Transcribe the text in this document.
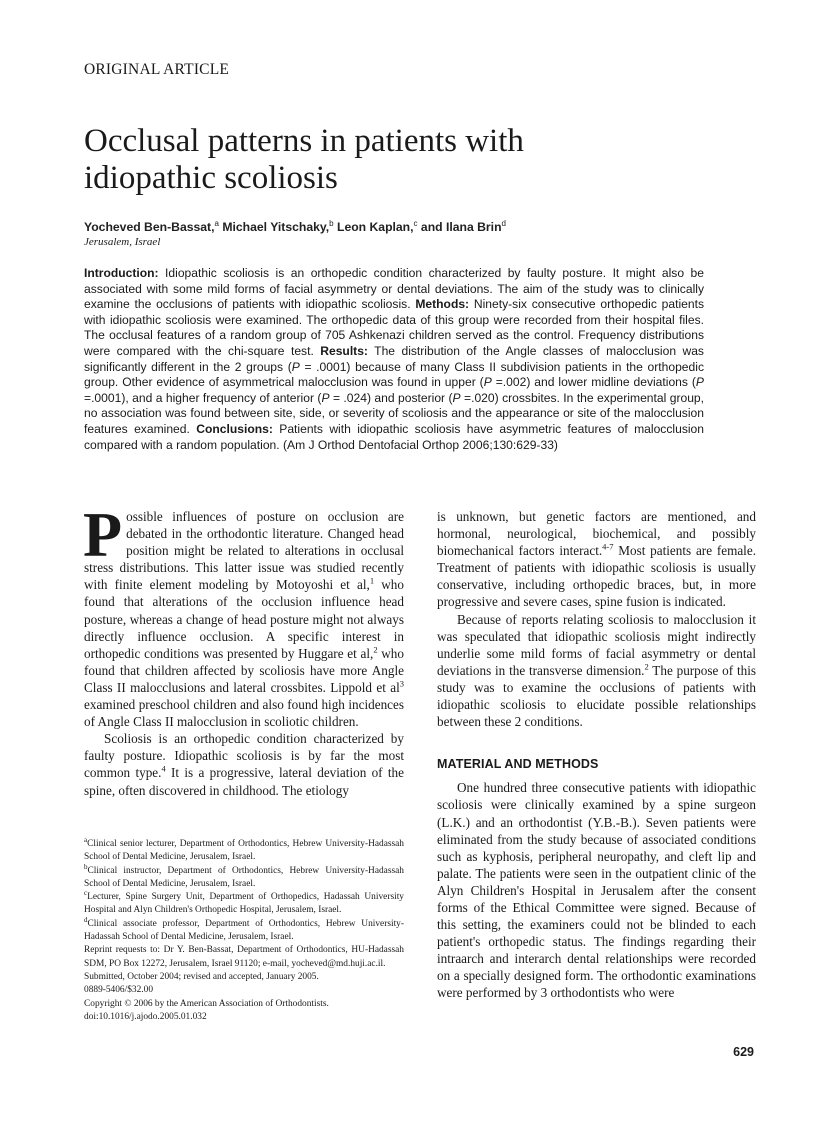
ORIGINAL ARTICLE
Occlusal patterns in patients with
idiopathic scoliosis
Yocheved Ben-Bassat,$^a$ Michael Yitschaky,$^b$ Leon Kaplan,$^c$ and Ilana Brin$^d$
Jerusalem, Israel

Introduction: Idiopathic scoliosis is an orthopedic condition characterized by faulty posture. It might also be associated with some mild forms of facial asymmetry or dental deviations. The aim of the study was to clinically examine the occlusions of patients with idiopathic scoliosis. Methods: Ninety-six consecutive orthopedic patients with idiopathic scoliosis were examined. The orthopedic data of this group were recorded from their hospital files. The occlusal features of a random group of 705 Ashkenazi children served as the control. Frequency distributions were compared with the chi-square test. Results: The distribution of the Angle classes of malocclusion was significantly different in the 2 groups (P = .0001) because of many Class II subdivision patients in the orthopedic group. Other evidence of asymmetrical malocclusion was found in upper (P =.002) and lower midline deviations (P =.0001), and a higher frequency of anterior (P = .024) and posterior (P =.020) crossbites. In the experimental group, no association was found between site, side, or severity of scoliosis and the appearance or site of the malocclusion features examined. Conclusions: Patients with idiopathic scoliosis have asymmetric features of malocclusion compared with a random population. (Am J Orthod Dentofacial Orthop 2006;130:629-33)

Possible influences of posture on occlusion are debated in the orthodontic literature. Changed head position might be related to alterations in occlusal stress distributions. This latter issue was studied recently with finite element modeling by Motoyoshi et al,$^1$ who found that alterations of the occlusion influence head posture, whereas a change of head posture might not always directly influence occlusion. A specific interest in orthopedic conditions was presented by Huggare et al,$^2$ who found that children affected by scoliosis have more Angle Class II malocclusions and lateral crossbites. Lippold et $al^3$ examined preschool children and also found high incidences of Angle Class II malocclusion in scoliotic children.

Scoliosis is an orthopedic condition characterized by faulty posture. Idiopathic scoliosis is by far the most common type.$^4$ It is a progressive, lateral deviation of the spine, often discovered in childhood. The etiology

$^a$Clinical senior lecturer, Department of Orthodontics, Hebrew University-Hadassah School of Dental Medicine, Jerusalem, Israel.

$^b$Clinical instructor, Department of Orthodontics, Hebrew University-Hadassah School of Dental Medicine, Jerusalem, Israel.

$^c$Lecturer, Spine Surgery Unit, Department of Orthopedics, Hadassah University Hospital and Alyn Children's Orthopedic Hospital, Jerusalem, Israel.

$^d$Clinical associate professor, Department of Orthodontics, Hebrew University-Hadassah School of Dental Medicine, Jerusalem, Israel.

Reprint requests to: Dr Y. Ben-Bassat, Department of Orthodontics, HU-Hadassah SDM, PO Box 12272, Jerusalem, Israel 91120; e-mail, yocheved@md.huji.ac.il.

Submitted, October 2004; revised and accepted, January 2005.

0889-5406/$32.00

Copyright © 2006 by the American Association of Orthodontists.

doi:10.1016/j.ajodo.2005.01.032

is unknown, but genetic factors are mentioned, and hormonal, neurological, biochemical, and possibly biomechanical factors interact.$^{4-7}$ Most patients are female. Treatment of patients with idiopathic scoliosis is usually conservative, including orthopedic braces, but, in more progressive and severe cases, spine fusion is indicated.

Because of reports relating scoliosis to malocclusion it was speculated that idiopathic scoliosis might indirectly underlie some mild forms of facial asymmetry or dental deviations in the transverse dimension.$^2$ The purpose of this study was to examine the occlusions of patients with idiopathic scoliosis to elucidate possible relationships between these 2 conditions.

MATERIAL AND METHODS

One hundred three consecutive patients with idiopathic scoliosis were clinically examined by a spine surgeon (L.K.) and an orthodontist (Y.B.-B.). Seven patients were eliminated from the study because of associated conditions such as kyphosis, peripheral neuropathy, and cleft lip and palate. The patients were seen in the outpatient clinic of the Alyn Children's Hospital in Jerusalem after the consent forms of the Ethical Committee were signed. Because of this setting, the examiners could not be blinded to each patient's orthopedic status. The findings regarding their intraarch and interarch dental relationships were recorded on a specially designed form. The orthodontic examinations were performed by 3 orthodontists who were

629
